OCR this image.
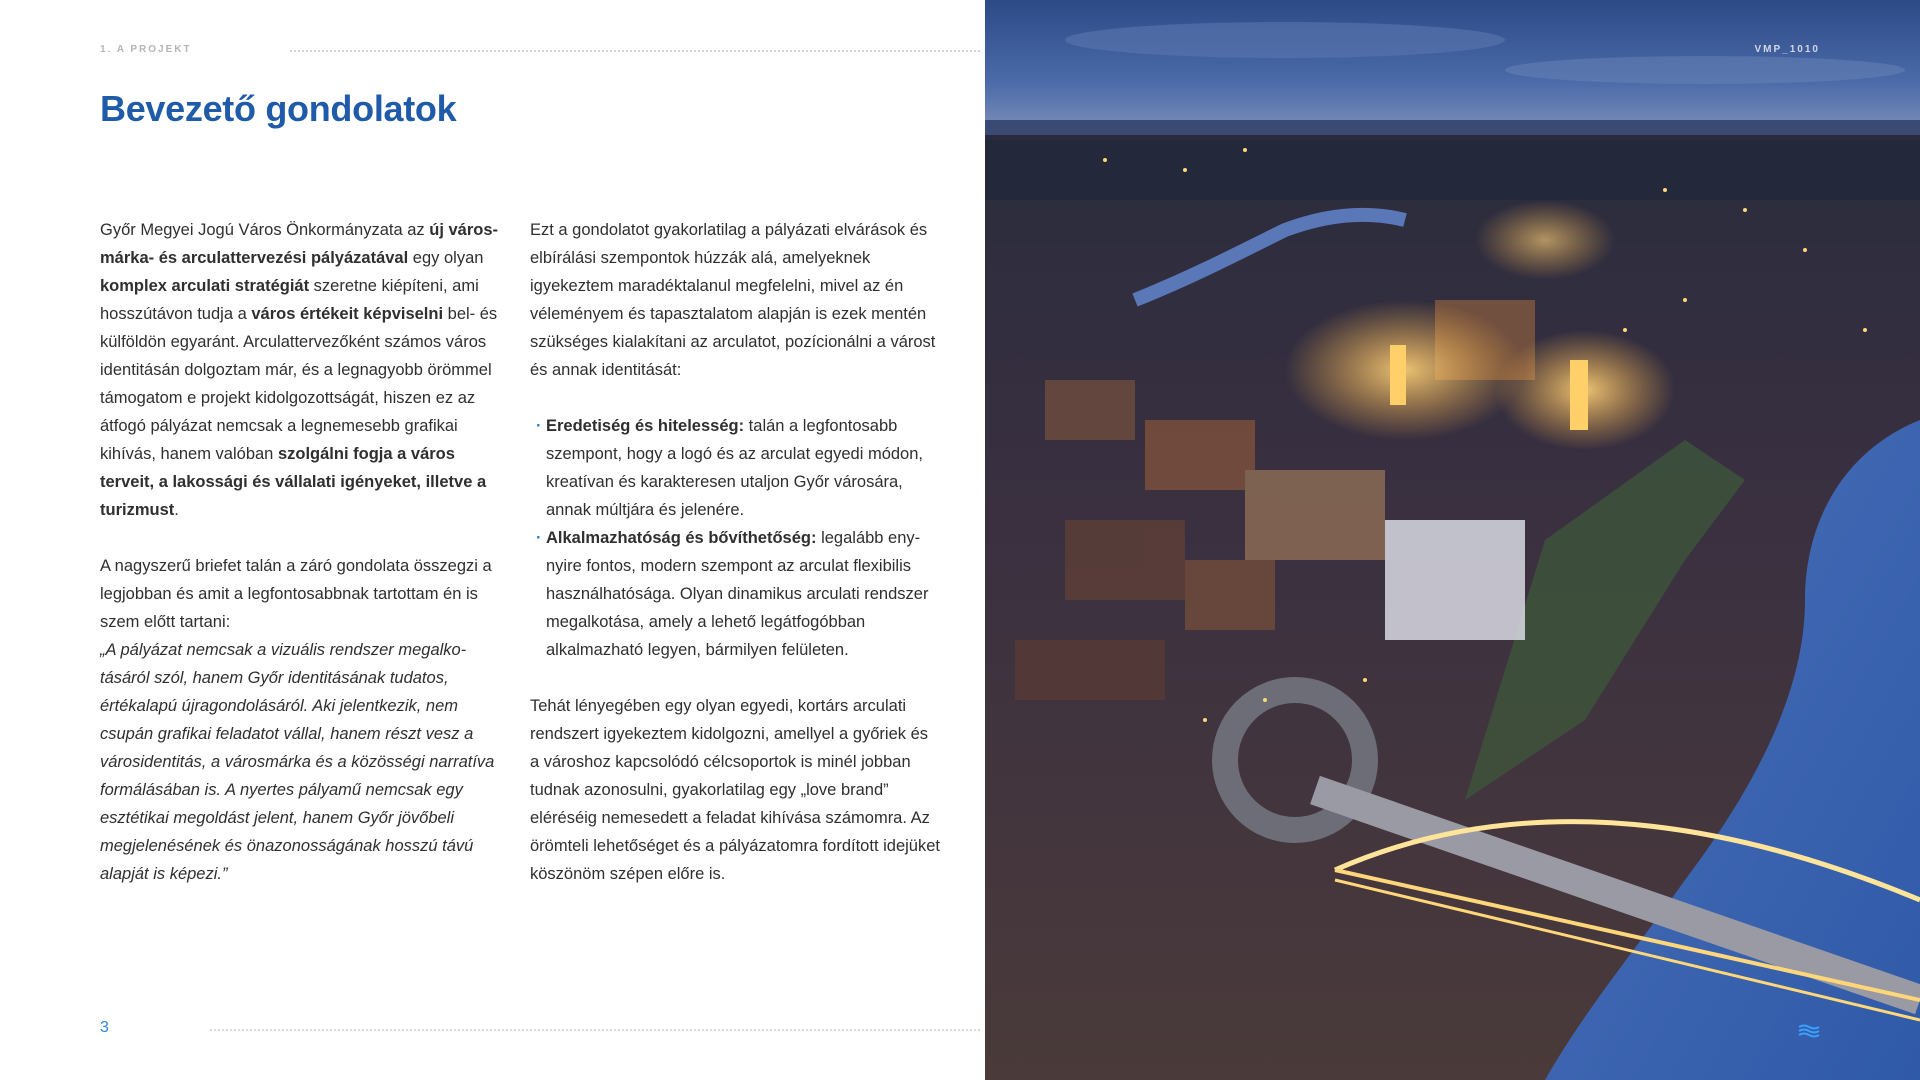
1. A PROJEKT
Bevezető gondolatok

Győr Megyei Jogú Város Önkormányzata az új városmárka- és arculattervezési pályázatával egy olyan komplex arculati stratégiát szeretne kiépíteni, ami hosszútávon tudja a város értékeit képviselni bel- és külföldön egyaránt. Arculattervezőként számos város identitásán dolgoztam már, és a legnagyobb örömmel támogatom e projekt kidolgozottságát, hiszen ez az átfogó pályázat nemcsak a legnemesebb grafikai kihívás, hanem valóban szolgálni fogja a város terveit, a lakossági és vállalati igényeket, illetve a turizmust.

A nagyszerű briefet talán a záró gondolata összegzi a legjobban és amit a legfontosabbnak tartottam én is szem előtt tartani:

„A pályázat nemcsak a vizuális rendszer megalkotásáról szól, hanem Győr identitásának tudatos, értékalapú újragondolásáról. Aki jelentkezik, nem csupán grafikai feladatot vállal, hanem részt vesz a városidentitás, a városmárka és a közösségi narratíva formálásában is. A nyertes pályamű nemcsak egy esztétikai megoldást jelent, hanem Győr jövőbeli megjelenésének és önazonosságának hosszú távú alapját is képezi.”

Ezt a gondolatot gyakorlatilag a pályázati elvárások és elbírálási szempontok húzzák alá, amelyeknek igyekeztem maradéktalanul megfelelni, mivel az én véleményem és tapasztalatom alapján is ezek mentén szükséges kialakítani az arculatot, pozícionálni a várost és annak identitását:

· Eredetiség és hitelesség: talán a legfontosabb szempont, hogy a logó és az arculat egyedi módon, kreatívan és karakteresen utaljon Győr városára, annak múltjára és jelenére.
· Alkalmazhatóság és bővíthetőség: legalább enynyire fontos, modern szempont az arculat flexibilis használhatósága. Olyan dinamikus arculati rendszer megalkotása, amely a lehető legátfogóbban alkalmazható legyen, bármilyen felületen.

Tehát lényegében egy olyan egyedi, kortárs arculati rendszert igyekeztem kidolgozni, amellyel a győriek és a városhoz kapcsolódó célcsoportok is minél jobban tudnak azonosulni, gyakorlatilag egy „love brand” eléréséig nemesedett a feladat kihívása számomra. Az örömteli lehetőséget és a pályázatomra fordított idejüket köszönöm szépen előre is.

3
VMP_1010
